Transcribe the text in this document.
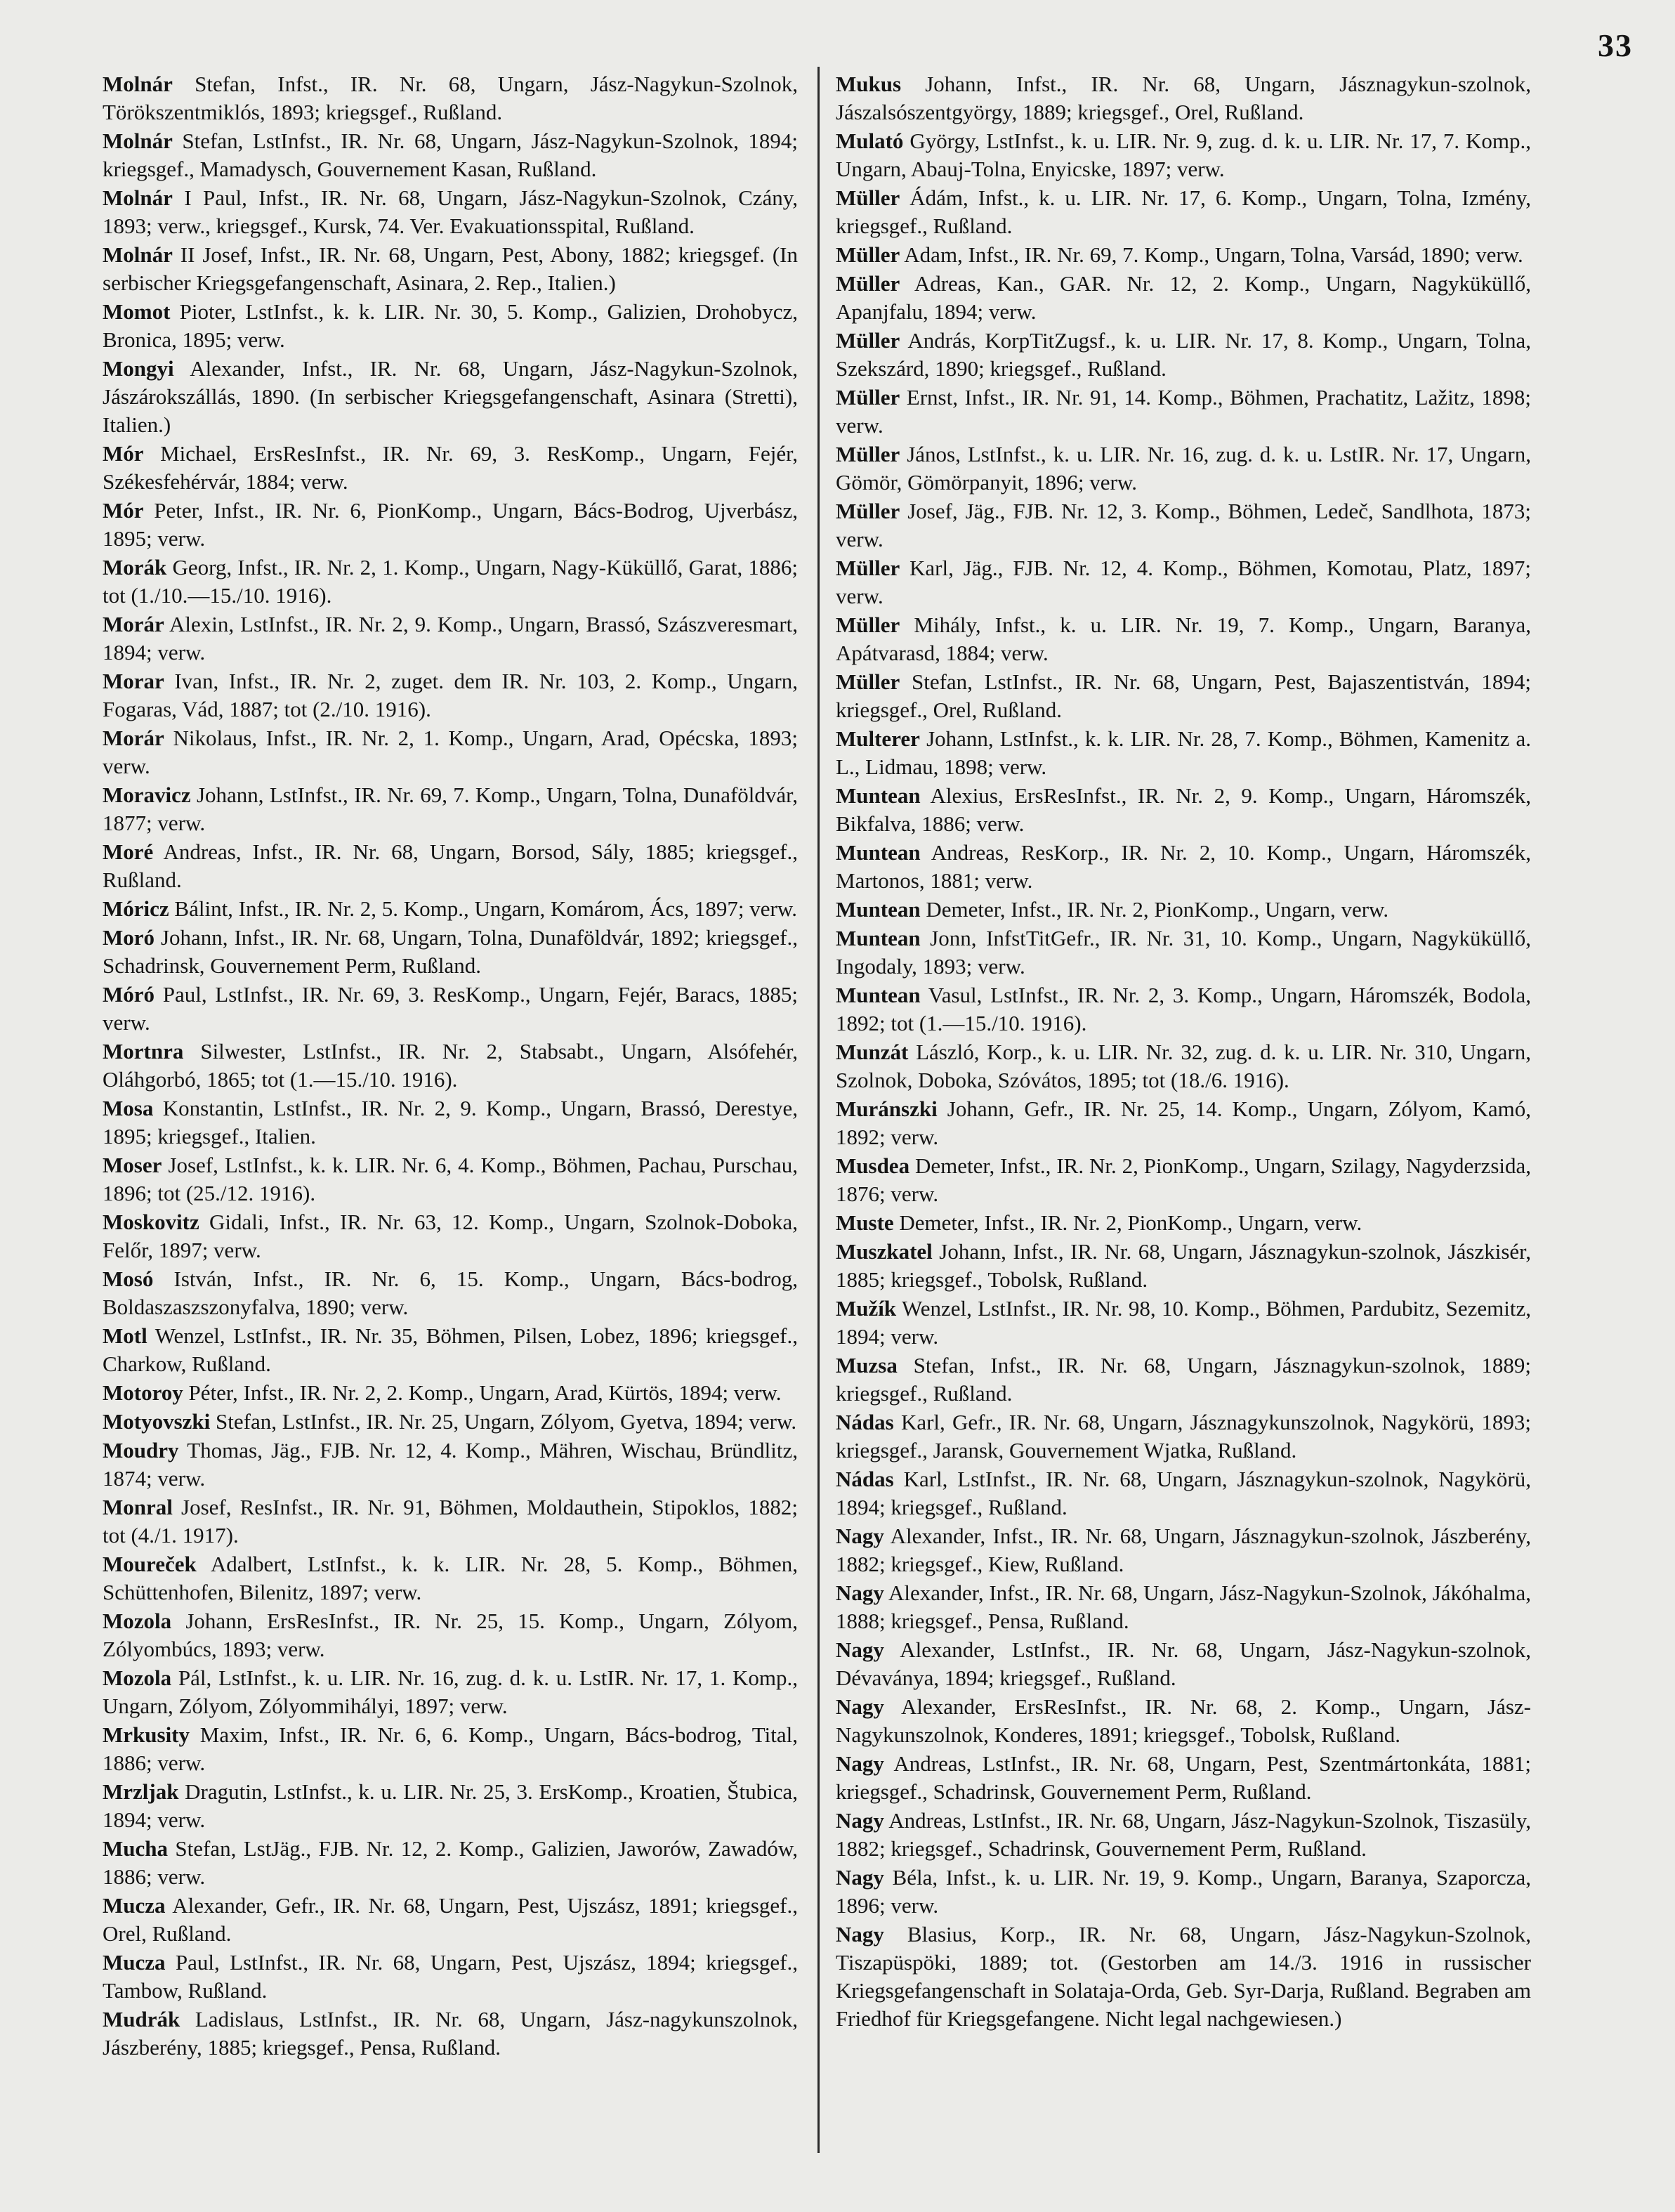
33

Molnár Stefan, Infst., IR. Nr. 68, Ungarn, Jász-Nagykun-Szolnok, Törökszentmiklós, 1893; kriegsgef., Rußland.

Molnár Stefan, LstInfst., IR. Nr. 68, Ungarn, Jász-Nagykun-Szolnok, 1894; kriegsgef., Mamadysch, Gouvernement Kasan, Rußland.

Molnár I Paul, Infst., IR. Nr. 68, Ungarn, Jász-Nagykun-Szolnok, Czány, 1893; verw., kriegsgef., Kursk, 74. Ver. Evakuationsspital, Rußland.

Molnár II Josef, Infst., IR. Nr. 68, Ungarn, Pest, Abony, 1882; kriegsgef. (In serbischer Kriegsgefangenschaft, Asinara, 2. Rep., Italien.)

Momot Pioter, LstInfst., k. k. LIR. Nr. 30, 5. Komp., Galizien, Drohobycz, Bronica, 1895; verw.

Mongyi Alexander, Infst., IR. Nr. 68, Ungarn, Jász-Nagykun-Szolnok, Jászárokszállás, 1890. (In serbischer Kriegsgefangenschaft, Asinara (Stretti), Italien.)

Mór Michael, ErsResInfst., IR. Nr. 69, 3. ResKomp., Ungarn, Fejér, Székesfehérvár, 1884; verw.

Mór Peter, Infst., IR. Nr. 6, PionKomp., Ungarn, Bács-Bodrog, Ujverbász, 1895; verw.

Morák Georg, Infst., IR. Nr. 2, 1. Komp., Ungarn, Nagy-Küküllő, Garat, 1886; tot (1./10.—15./10. 1916).

Morár Alexin, LstInfst., IR. Nr. 2, 9. Komp., Ungarn, Brassó, Szászveresmart, 1894; verw.

Morar Ivan, Infst., IR. Nr. 2, zuget. dem IR. Nr. 103, 2. Komp., Ungarn, Fogaras, Vád, 1887; tot (2./10. 1916).

Morár Nikolaus, Infst., IR. Nr. 2, 1. Komp., Ungarn, Arad, Opécska, 1893; verw.

Moravicz Johann, LstInfst., IR. Nr. 69, 7. Komp., Ungarn, Tolna, Dunaföldvár, 1877; verw.

Moré Andreas, Infst., IR. Nr. 68, Ungarn, Borsod, Sály, 1885; kriegsgef., Rußland.

Móricz Bálint, Infst., IR. Nr. 2, 5. Komp., Ungarn, Komárom, Ács, 1897; verw.

Moró Johann, Infst., IR. Nr. 68, Ungarn, Tolna, Dunaföldvár, 1892; kriegsgef., Schadrinsk, Gouvernement Perm, Rußland.

Móró Paul, LstInfst., IR. Nr. 69, 3. ResKomp., Ungarn, Fejér, Baracs, 1885; verw.

Mortnra Silwester, LstInfst., IR. Nr. 2, Stabsabt., Ungarn, Alsófehér, Oláhgorbó, 1865; tot (1.—15./10. 1916).

Mosa Konstantin, LstInfst., IR. Nr. 2, 9. Komp., Ungarn, Brassó, Derestye, 1895; kriegsgef., Italien.

Moser Josef, LstInfst., k. k. LIR. Nr. 6, 4. Komp., Böhmen, Pachau, Purschau, 1896; tot (25./12. 1916).

Moskovitz Gidali, Infst., IR. Nr. 63, 12. Komp., Ungarn, Szolnok-Doboka, Felőr, 1897; verw.

Mosó István, Infst., IR. Nr. 6, 15. Komp., Ungarn, Bács-bodrog, Boldaszaszszonyfalva, 1890; verw.

Motl Wenzel, LstInfst., IR. Nr. 35, Böhmen, Pilsen, Lobez, 1896; kriegsgef., Charkow, Rußland.

Motoroy Péter, Infst., IR. Nr. 2, 2. Komp., Ungarn, Arad, Kürtös, 1894; verw.

Motyovszki Stefan, LstInfst., IR. Nr. 25, Ungarn, Zólyom, Gyetva, 1894; verw.

Moudry Thomas, Jäg., FJB. Nr. 12, 4. Komp., Mähren, Wischau, Bründlitz, 1874; verw.

Monral Josef, ResInfst., IR. Nr. 91, Böhmen, Moldauthein, Stipoklos, 1882; tot (4./1. 1917).

Moureček Adalbert, LstInfst., k. k. LIR. Nr. 28, 5. Komp., Böhmen, Schüttenhofen, Bilenitz, 1897; verw.

Mozola Johann, ErsResInfst., IR. Nr. 25, 15. Komp., Ungarn, Zólyom, Zólyombúcs, 1893; verw.

Mozola Pál, LstInfst., k. u. LIR. Nr. 16, zug. d. k. u. LstIR. Nr. 17, 1. Komp., Ungarn, Zólyom, Zólyommihályi, 1897; verw.

Mrkusity Maxim, Infst., IR. Nr. 6, 6. Komp., Ungarn, Bács-bodrog, Tital, 1886; verw.

Mrzljak Dragutin, LstInfst., k. u. LIR. Nr. 25, 3. ErsKomp., Kroatien, Štubica, 1894; verw.

Mucha Stefan, LstJäg., FJB. Nr. 12, 2. Komp., Galizien, Jaworów, Zawadów, 1886; verw.

Mucza Alexander, Gefr., IR. Nr. 68, Ungarn, Pest, Ujszász, 1891; kriegsgef., Orel, Rußland.

Mucza Paul, LstInfst., IR. Nr. 68, Ungarn, Pest, Ujszász, 1894; kriegsgef., Tambow, Rußland.

Mudrák Ladislaus, LstInfst., IR. Nr. 68, Ungarn, Jász-nagykunszolnok, Jászberény, 1885; kriegsgef., Pensa, Rußland.

Mukus Johann, Infst., IR. Nr. 68, Ungarn, Jásznagykun-szolnok, Jászalsószentgyörgy, 1889; kriegsgef., Orel, Rußland.

Mulató György, LstInfst., k. u. LIR. Nr. 9, zug. d. k. u. LIR. Nr. 17, 7. Komp., Ungarn, Abauj-Tolna, Enyicske, 1897; verw.

Müller Ádám, Infst., k. u. LIR. Nr. 17, 6. Komp., Ungarn, Tolna, Izmény, kriegsgef., Rußland.

Müller Adam, Infst., IR. Nr. 69, 7. Komp., Ungarn, Tolna, Varsád, 1890; verw.

Müller Adreas, Kan., GAR. Nr. 12, 2. Komp., Ungarn, Nagyküküllő, Apanjfalu, 1894; verw.

Müller András, KorpTitZugsf., k. u. LIR. Nr. 17, 8. Komp., Ungarn, Tolna, Szekszárd, 1890; kriegsgef., Rußland.

Müller Ernst, Infst., IR. Nr. 91, 14. Komp., Böhmen, Prachatitz, Lažitz, 1898; verw.

Müller János, LstInfst., k. u. LIR. Nr. 16, zug. d. k. u. LstIR. Nr. 17, Ungarn, Gömör, Gömörpanyit, 1896; verw.

Müller Josef, Jäg., FJB. Nr. 12, 3. Komp., Böhmen, Ledeč, Sandlhota, 1873; verw.

Müller Karl, Jäg., FJB. Nr. 12, 4. Komp., Böhmen, Komotau, Platz, 1897; verw.

Müller Mihály, Infst., k. u. LIR. Nr. 19, 7. Komp., Ungarn, Baranya, Apátvarasd, 1884; verw.

Müller Stefan, LstInfst., IR. Nr. 68, Ungarn, Pest, Bajaszentistván, 1894; kriegsgef., Orel, Rußland.

Multerer Johann, LstInfst., k. k. LIR. Nr. 28, 7. Komp., Böhmen, Kamenitz a. L., Lidmau, 1898; verw.

Muntean Alexius, ErsResInfst., IR. Nr. 2, 9. Komp., Ungarn, Háromszék, Bikfalva, 1886; verw.

Muntean Andreas, ResKorp., IR. Nr. 2, 10. Komp., Ungarn, Háromszék, Martonos, 1881; verw.

Muntean Demeter, Infst., IR. Nr. 2, PionKomp., Ungarn, verw.

Muntean Jonn, InfstTitGefr., IR. Nr. 31, 10. Komp., Ungarn, Nagyküküllő, Ingodaly, 1893; verw.

Muntean Vasul, LstInfst., IR. Nr. 2, 3. Komp., Ungarn, Háromszék, Bodola, 1892; tot (1.—15./10. 1916).

Munzát László, Korp., k. u. LIR. Nr. 32, zug. d. k. u. LIR. Nr. 310, Ungarn, Szolnok, Doboka, Szóvátos, 1895; tot (18./6. 1916).

Muránszki Johann, Gefr., IR. Nr. 25, 14. Komp., Ungarn, Zólyom, Kamó, 1892; verw.

Musdea Demeter, Infst., IR. Nr. 2, PionKomp., Ungarn, Szilagy, Nagyderzsida, 1876; verw.

Muste Demeter, Infst., IR. Nr. 2, PionKomp., Ungarn, verw.

Muszkatel Johann, Infst., IR. Nr. 68, Ungarn, Jásznagykun-szolnok, Jászkisér, 1885; kriegsgef., Tobolsk, Rußland.

Mužík Wenzel, LstInfst., IR. Nr. 98, 10. Komp., Böhmen, Pardubitz, Sezemitz, 1894; verw.

Muzsa Stefan, Infst., IR. Nr. 68, Ungarn, Jásznagykun-szolnok, 1889; kriegsgef., Rußland.

Nádas Karl, Gefr., IR. Nr. 68, Ungarn, Jásznagykunszolnok, Nagykörü, 1893; kriegsgef., Jaransk, Gouvernement Wjatka, Rußland.

Nádas Karl, LstInfst., IR. Nr. 68, Ungarn, Jásznagykun-szolnok, Nagykörü, 1894; kriegsgef., Rußland.

Nagy Alexander, Infst., IR. Nr. 68, Ungarn, Jásznagykun-szolnok, Jászberény, 1882; kriegsgef., Kiew, Rußland.

Nagy Alexander, Infst., IR. Nr. 68, Ungarn, Jász-Nagykun-Szolnok, Jákóhalma, 1888; kriegsgef., Pensa, Rußland.

Nagy Alexander, LstInfst., IR. Nr. 68, Ungarn, Jász-Nagykun-szolnok, Dévaványa, 1894; kriegsgef., Rußland.

Nagy Alexander, ErsResInfst., IR. Nr. 68, 2. Komp., Ungarn, Jász-Nagykunszolnok, Konderes, 1891; kriegsgef., Tobolsk, Rußland.

Nagy Andreas, LstInfst., IR. Nr. 68, Ungarn, Pest, Szentmártonkáta, 1881; kriegsgef., Schadrinsk, Gouvernement Perm, Rußland.

Nagy Andreas, LstInfst., IR. Nr. 68, Ungarn, Jász-Nagykun-Szolnok, Tiszasüly, 1882; kriegsgef., Schadrinsk, Gouvernement Perm, Rußland.

Nagy Béla, Infst., k. u. LIR. Nr. 19, 9. Komp., Ungarn, Baranya, Szaporcza, 1896; verw.

Nagy Blasius, Korp., IR. Nr. 68, Ungarn, Jász-Nagykun-Szolnok, Tiszapüspöki, 1889; tot. (Gestorben am 14./3. 1916 in russischer Kriegsgefangenschaft in Solataja-Orda, Geb. Syr-Darja, Rußland. Begraben am Friedhof für Kriegsgefangene. Nicht legal nachgewiesen.)
